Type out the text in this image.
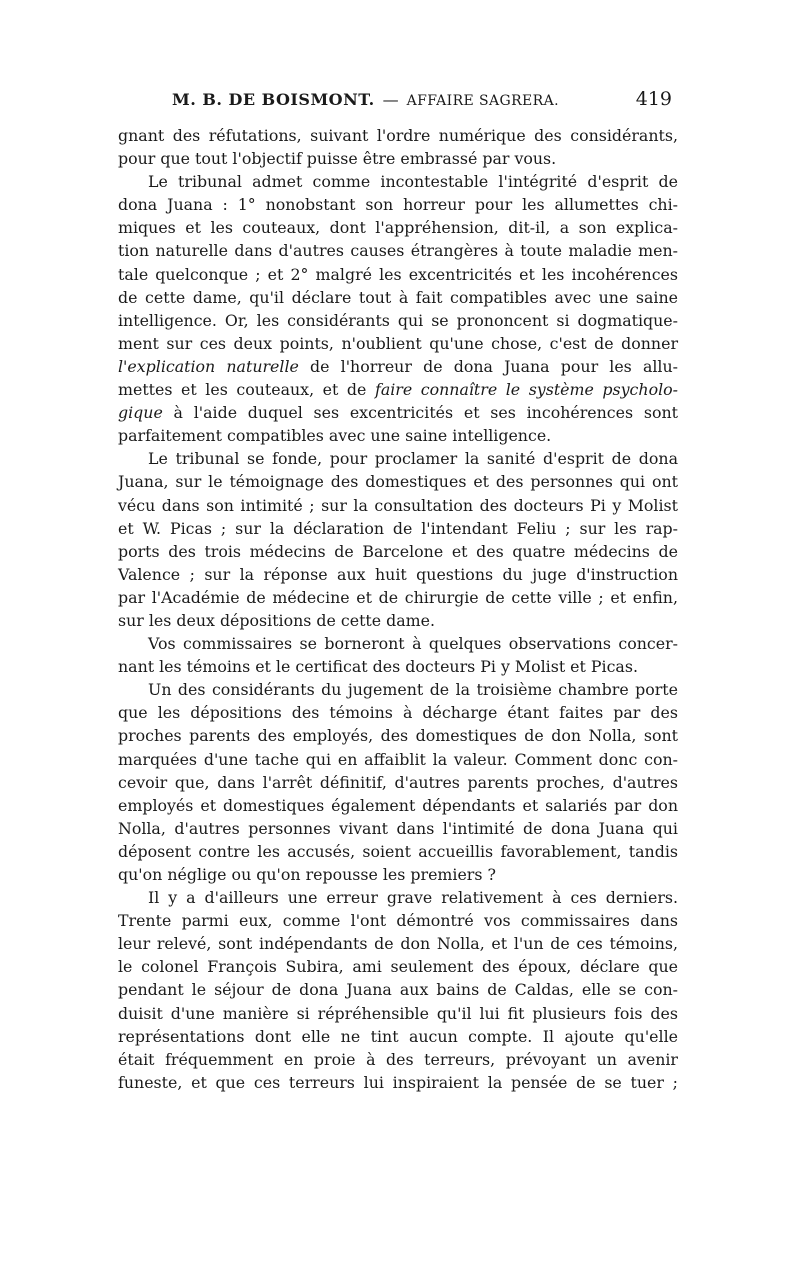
M. B. DE BOISMONT. — AFFAIRE SAGRERA.	419
gnant des réfutations, suivant l'ordre numérique des considérants,
pour que tout l'objectif puisse être embrassé par vous.
Le tribunal admet comme incontestable l'intégrité d'esprit de
dona Juana : 1° nonobstant son horreur pour les allumettes chi-
miques et les couteaux, dont l'appréhension, dit-il, a son explica-
tion naturelle dans d'autres causes étrangères à toute maladie men-
tale quelconque ; et 2° malgré les excentricités et les incohérences
de cette dame, qu'il déclare tout à fait compatibles avec une saine
intelligence. Or, les considérants qui se prononcent si dogmatique-
ment sur ces deux points, n'oublient qu'une chose, c'est de donner
l'explication naturelle de l'horreur de dona Juana pour les allu-
mettes et les couteaux, et de faire connaître le système psycholo-
gique à l'aide duquel ses excentricités et ses incohérences sont
parfaitement compatibles avec une saine intelligence.
Le tribunal se fonde, pour proclamer la sanité d'esprit de dona
Juana, sur le témoignage des domestiques et des personnes qui ont
vécu dans son intimité ; sur la consultation des docteurs Pi y Molist
et W. Picas ; sur la déclaration de l'intendant Feliu ; sur les rap-
ports des trois médecins de Barcelone et des quatre médecins de
Valence ; sur la réponse aux huit questions du juge d'instruction
par l'Académie de médecine et de chirurgie de cette ville ; et enfin,
sur les deux dépositions de cette dame.
Vos commissaires se borneront à quelques observations concer-
nant les témoins et le certificat des docteurs Pi y Molist et Picas.
Un des considérants du jugement de la troisième chambre porte
que les dépositions des témoins à décharge étant faites par des
proches parents des employés, des domestiques de don Nolla, sont
marquées d'une tache qui en affaiblit la valeur. Comment donc con-
cevoir que, dans l'arrêt définitif, d'autres parents proches, d'autres
employés et domestiques également dépendants et salariés par don
Nolla, d'autres personnes vivant dans l'intimité de dona Juana qui
déposent contre les accusés, soient accueillis favorablement, tandis
qu'on néglige ou qu'on repousse les premiers ?
Il y a d'ailleurs une erreur grave relativement à ces derniers.
Trente parmi eux, comme l'ont démontré vos commissaires dans
leur relevé, sont indépendants de don Nolla, et l'un de ces témoins,
le colonel François Subira, ami seulement des époux, déclare que
pendant le séjour de dona Juana aux bains de Caldas, elle se con-
duisit d'une manière si répréhensible qu'il lui fit plusieurs fois des
représentations dont elle ne tint aucun compte. Il ajoute qu'elle
était fréquemment en proie à des terreurs, prévoyant un avenir
funeste, et que ces terreurs lui inspiraient la pensée de se tuer ;
